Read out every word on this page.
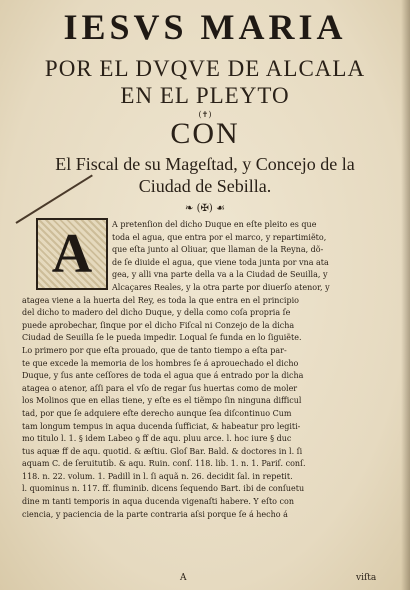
IESVS MARIA
POR EL DVQVE DE ALCALA
EN EL PLEYTO
(✝)
CON
El Fiscal de su Mageſtad, y Concejo de la
Ciudad de Sebilla.
❧ (✠) ☙
A	A pretenſion del dicho Duque en eſte pleito es que
toda el agua, que entra por el marco, y repartimiẽto,
que eſta junto al Oliuar, que llaman de la Reyna, dõ-
de ſe diuide el agua, que viene toda junta por vna ata
gea, y alli vna parte della va a la Ciudad de Seuilla, y
Alcaçares Reales, y la otra parte por diuerſo atenor, y
atagea viene a la huerta del Rey, es toda la que entra en el principio
del dicho to madero del dicho Duque, y della como coſa propria ſe
puede aprobechar, ſinque por el dicho Fiſcal ni Conzejo de la dicha
Ciudad de Seuilla ſe le pueda impedir. Loqual ſe funda en lo ſiguiẽte.
Lo primero por que eſta prouado, que de tanto tiempo a eſta par-
te que excede la memoria de los hombres ſe á aprouechado el dicho
Duque, y ſus ante ceſſores de toda el agua que á entrado por la dicha
atagea o atenor, aſſi para el vſo de regar ſus huertas como de moler
los Molinos que en ellas tiene, y eſte es el tiẽmpo ſin ninguna difficul
tad, por que ſe adquiere eſte derecho aunque ſea diſcontinuo Cum
tam longum tempus in aqua ducenda ſufficiat, & habeatur pro legiti-
mo titulo l. 1. § idem Labeo ꝯ ff de aqu. pluu arce. l. hoc iure § duc
tus aquæ ff de aqu. quotid. & æſtiu. Gloſ Bar. Bald. & doctores in l. ſi
aquam C. de ſeruitutib. & aqu. Ruin. conſ. 118. lib. 1. n. 1. Pariſ. conſ.
118. n. 22. volum. 1. Padill in l. ſi aquã n. 26. decidit ſal. in repetit.
l. quominus n. 117. ff. fluminib. dicens ſequendo Bart. ibi de conſuetu
dine m tanti temporis in aqua ducenda vigenaſti habere. Y eſto con
ciencia, y paciencia de la parte contraria aſsi porque ſe á hecho á
A	viſta
